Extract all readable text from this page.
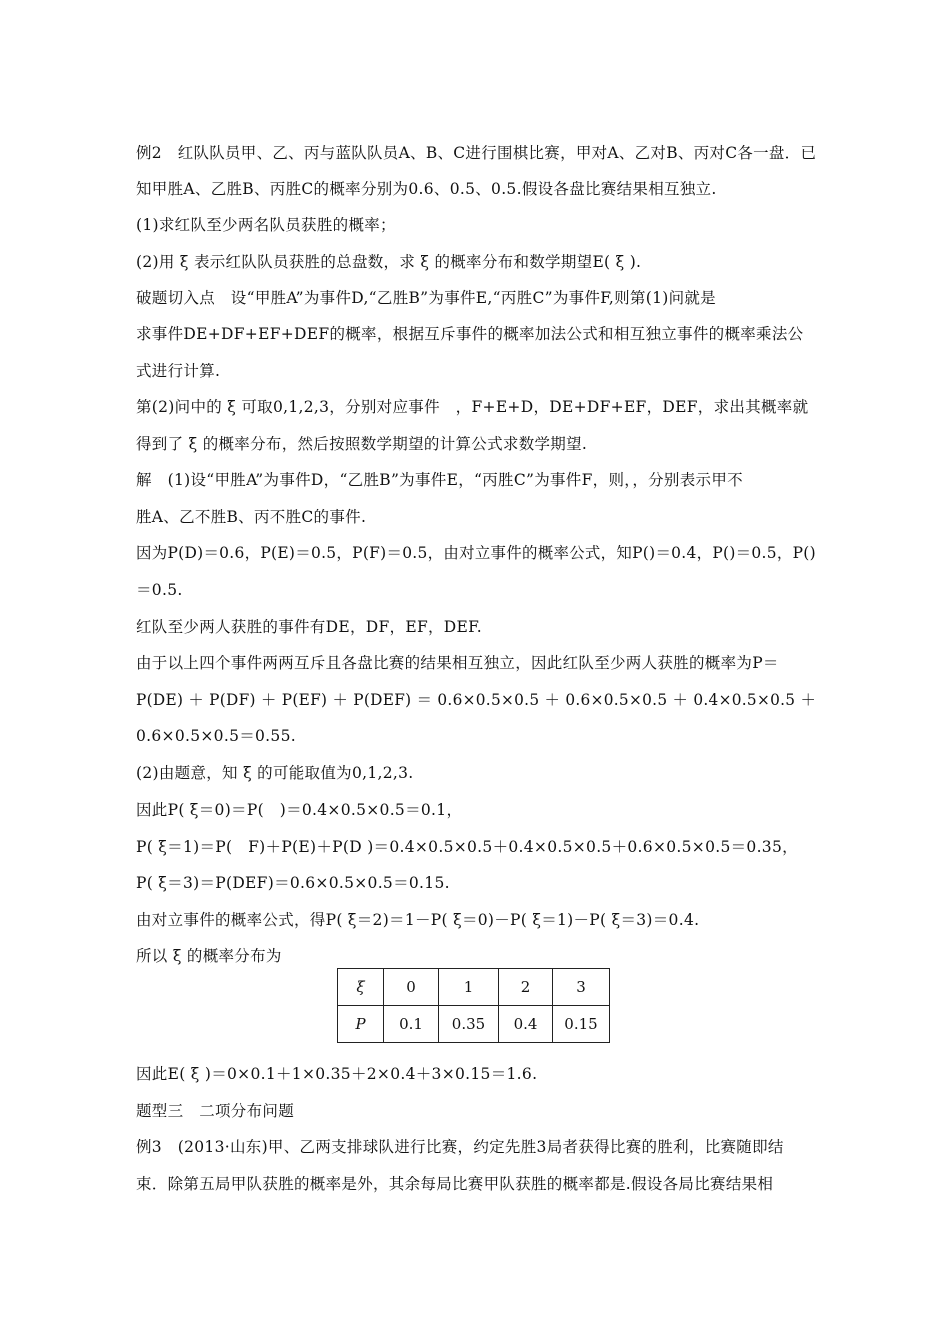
例2　红队队员甲、乙、丙与蓝队队员A、B、C进行围棋比赛，甲对A、乙对B、丙对C各一盘．已
知甲胜A、乙胜B、丙胜C的概率分别为0.6、0.5、0.5.假设各盘比赛结果相互独立.
(1)求红队至少两名队员获胜的概率；
(2)用 ξ 表示红队队员获胜的总盘数，求 ξ 的概率分布和数学期望E( ξ ).
破题切入点　设“甲胜A”为事件D,“乙胜B”为事件E,“丙胜C”为事件F,则第(1)问就是
求事件DE+DF+EF+DEF的概率，根据互斥事件的概率加法公式和相互独立事件的概率乘法公
式进行计算.
第(2)问中的 ξ 可取0,1,2,3，分别对应事件　，F+E+D，DE+DF+EF，DEF，求出其概率就
得到了 ξ 的概率分布，然后按照数学期望的计算公式求数学期望.
解　(1)设“甲胜A”为事件D，“乙胜B”为事件E，“丙胜C”为事件F，则，，分别表示甲不
胜A、乙不胜B、丙不胜C的事件.
因为P(D)＝0.6，P(E)＝0.5，P(F)＝0.5，由对立事件的概率公式，知P()＝0.4，P()＝0.5，P()
＝0.5.
红队至少两人获胜的事件有DE，DF，EF，DEF.
由于以上四个事件两两互斥且各盘比赛的结果相互独立，因此红队至少两人获胜的概率为P＝
P(DE) ＋ P(DF) ＋ P(EF) ＋ P(DEF) ＝ 0.6×0.5×0.5 ＋ 0.6×0.5×0.5 ＋ 0.4×0.5×0.5 ＋
0.6×0.5×0.5＝0.55.
(2)由题意，知 ξ 的可能取值为0,1,2,3.
因此P( ξ＝0)＝P(　)＝0.4×0.5×0.5＝0.1，
P( ξ＝1)＝P(　F)＋P(E)＋P(D )＝0.4×0.5×0.5＋0.4×0.5×0.5＋0.6×0.5×0.5＝0.35，
P( ξ＝3)＝P(DEF)＝0.6×0.5×0.5＝0.15.
由对立事件的概率公式，得P( ξ＝2)＝1－P( ξ＝0)－P( ξ＝1)－P( ξ＝3)＝0.4.
所以 ξ 的概率分布为
ξ	0	1	2	3
P	0.1	0.35	0.4	0.15
因此E( ξ )＝0×0.1＋1×0.35＋2×0.4＋3×0.15＝1.6.
题型三　二项分布问题
例3　(2013·山东)甲、乙两支排球队进行比赛，约定先胜3局者获得比赛的胜利，比赛随即结
束．除第五局甲队获胜的概率是外，其余每局比赛甲队获胜的概率都是.假设各局比赛结果相
